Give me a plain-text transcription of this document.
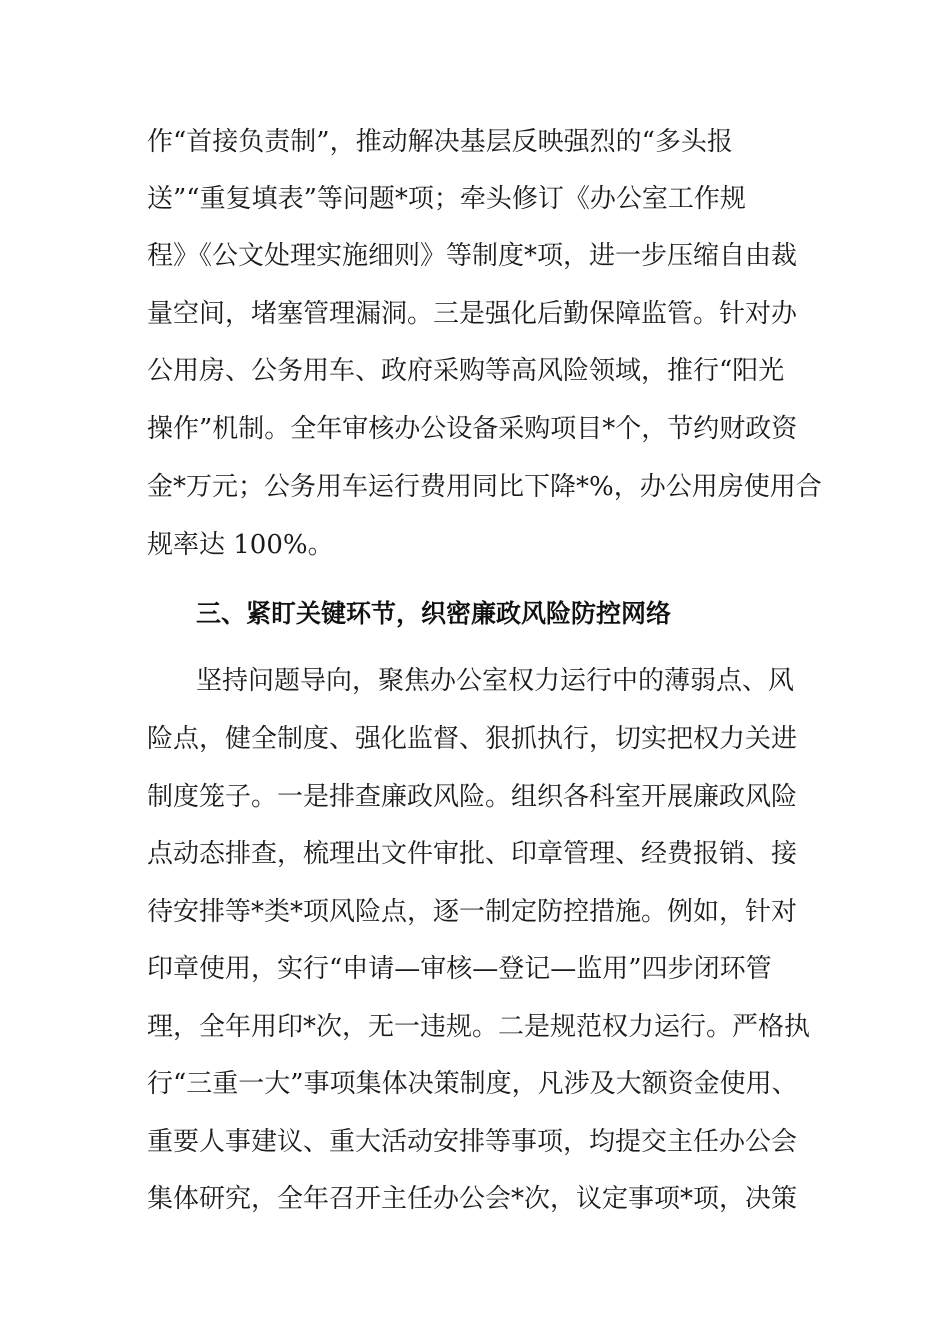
作“首接负责制”，推动解决基层反映强烈的“多头报
送”“重复填表”等问题*项；牵头修订《办公室工作规
程》《公文处理实施细则》等制度*项，进一步压缩自由裁
量空间，堵塞管理漏洞。三是强化后勤保障监管。针对办
公用房、公务用车、政府采购等高风险领域，推行“阳光
操作”机制。全年审核办公设备采购项目*个，节约财政资
金*万元；公务用车运行费用同比下降*%，办公用房使用合
规率达 100%。
三、紧盯关键环节，织密廉政风险防控网络
坚持问题导向，聚焦办公室权力运行中的薄弱点、风
险点，健全制度、强化监督、狠抓执行，切实把权力关进
制度笼子。一是排查廉政风险。组织各科室开展廉政风险
点动态排查，梳理出文件审批、印章管理、经费报销、接
待安排等*类*项风险点，逐一制定防控措施。例如，针对
印章使用，实行“申请—审核—登记—监用”四步闭环管
理，全年用印*次，无一违规。二是规范权力运行。严格执
行“三重一大”事项集体决策制度，凡涉及大额资金使用、
重要人事建议、重大活动安排等事项，均提交主任办公会
集体研究，全年召开主任办公会*次，议定事项*项，决策
